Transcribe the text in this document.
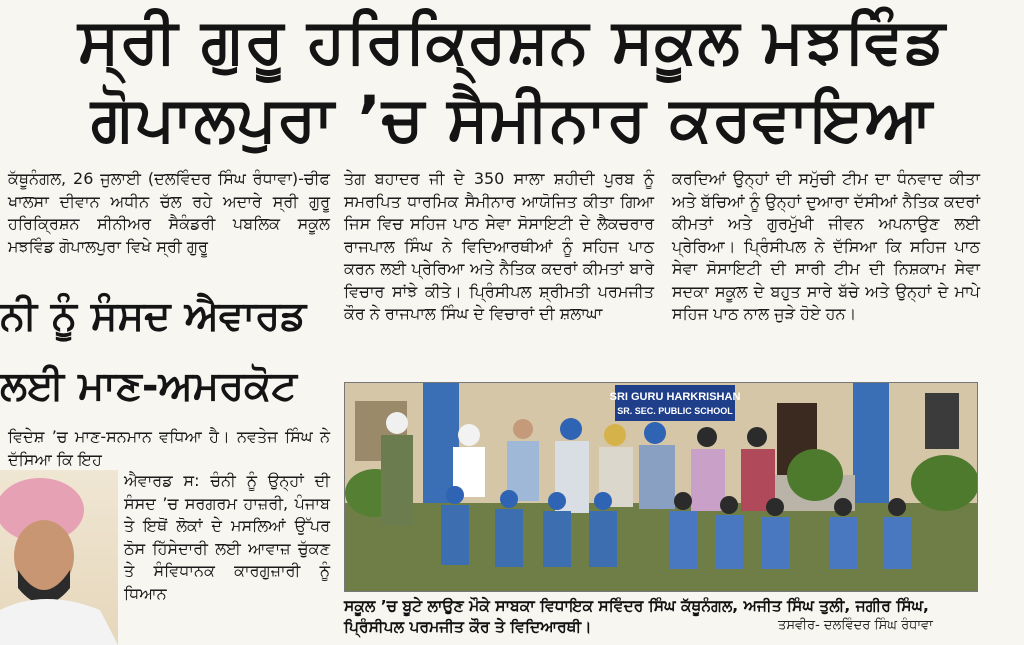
ਸ੍ਰੀ ਗੁਰੂ ਹਰਿਕ੍ਰਿਸ਼ਨ ਸਕੂਲ ਮਝਵਿੰਡ
ਗੋਪਾਲਪੁਰਾ ’ਚ ਸੈਮੀਨਾਰ ਕਰਵਾਇਆ

ਕੱਥੂਨੰਗਲ, 26 ਜੁਲਾਈ (ਦਲਵਿੰਦਰ ਸਿੰਘ ਰੰਧਾਵਾ)-ਚੀਫ ਖਾਲਸਾ ਦੀਵਾਨ ਅਧੀਨ ਚੱਲ ਰਹੇ ਅਦਾਰੇ ਸ੍ਰੀ ਗੁਰੂ ਹਰਿਕ੍ਰਿਸ਼ਨ ਸੀਨੀਅਰ ਸੈਕੰਡਰੀ ਪਬਲਿਕ ਸਕੂਲ ਮਝਵਿੰਡ ਗੋਪਾਲਪੁਰਾ ਵਿਖੇ ਸ੍ਰੀ ਗੁਰੂ

ਤੇਗ ਬਹਾਦਰ ਜੀ ਦੇ 350 ਸਾਲਾ ਸ਼ਹੀਦੀ ਪੁਰਬ ਨੂੰ ਸਮਰਪਿਤ ਧਾਰਮਿਕ ਸੈਮੀਨਾਰ ਆਯੋਜਿਤ ਕੀਤਾ ਗਿਆ ਜਿਸ ਵਿਚ ਸਹਿਜ ਪਾਠ ਸੇਵਾ ਸੋਸਾਇਟੀ ਦੇ ਲੈਕਚਰਾਰ ਰਾਜਪਾਲ ਸਿੰਘ ਨੇ ਵਿਦਿਆਰਥੀਆਂ ਨੂੰ ਸਹਿਜ ਪਾਠ ਕਰਨ ਲਈ ਪ੍ਰੇਰਿਆ ਅਤੇ ਨੈਤਿਕ ਕਦਰਾਂ ਕੀਮਤਾਂ ਬਾਰੇ ਵਿਚਾਰ ਸਾਂਝੇ ਕੀਤੇ। ਪ੍ਰਿੰਸੀਪਲ ਸ਼੍ਰੀਮਤੀ ਪਰਮਜੀਤ ਕੌਰ ਨੇ ਰਾਜਪਾਲ ਸਿੰਘ ਦੇ ਵਿਚਾਰਾਂ ਦੀ ਸ਼ਲਾਘਾ

ਕਰਦਿਆਂ ਉਨ੍ਹਾਂ ਦੀ ਸਮੁੱਚੀ ਟੀਮ ਦਾ ਧੰਨਵਾਦ ਕੀਤਾ ਅਤੇ ਬੱਚਿਆਂ ਨੂੰ ਉਨ੍ਹਾਂ ਦੁਆਰਾ ਦੱਸੀਆਂ ਨੈਤਿਕ ਕਦਰਾਂ ਕੀਮਤਾਂ ਅਤੇ ਗੁਰਮੁੱਖੀ ਜੀਵਨ ਅਪਨਾਉਣ ਲਈ ਪ੍ਰੇਰਿਆ। ਪ੍ਰਿੰਸੀਪਲ ਨੇ ਦੱਸਿਆ ਕਿ ਸਹਿਜ ਪਾਠ ਸੇਵਾ ਸੋਸਾਇਟੀ ਦੀ ਸਾਰੀ ਟੀਮ ਦੀ ਨਿਸ਼ਕਾਮ ਸੇਵਾ ਸਦਕਾ ਸਕੂਲ ਦੇ ਬਹੁਤ ਸਾਰੇ ਬੱਚੇ ਅਤੇ ਉਨ੍ਹਾਂ ਦੇ ਮਾਪੇ ਸਹਿਜ ਪਾਠ ਨਾਲ ਜੁੜੇ ਹੋਏ ਹਨ।

ਨੀ ਨੂੰ ਸੰਸਦ ਐਵਾਰਡ
ਲਈ ਮਾਣ-ਅਮਰਕੋਟ

ਵਿਦੇਸ਼ ’ਚ ਮਾਣ-ਸਨਮਾਨ ਵਧਿਆ ਹੈ। ਨਵਤੇਜ ਸਿੰਘ ਨੇ ਦੱਸਿਆ ਕਿ ਇਹ

ਐਵਾਰਡ ਸ: ਚੰਨੀ ਨੂੰ ਉਨ੍ਹਾਂ ਦੀ ਸੰਸਦ ’ਚ ਸਰਗਰਮ ਹਾਜ਼ਰੀ, ਪੰਜਾਬ ਤੇ ਇਥੋਂ ਲੋਕਾਂ ਦੇ ਮਸਲਿਆਂ ਉੱਪਰ ਠੋਸ ਹਿੱਸੇਦਾਰੀ ਲਈ ਆਵਾਜ਼ ਚੁੱਕਣ ਤੇ ਸੰਵਿਧਾਨਕ ਕਾਰਗੁਜ਼ਾਰੀ ਨੂੰ ਧਿਆਨ

SRI GURU HARKRISHAN
SR. SEC. PUBLIC SCHOOL
ਸਕੂਲ ’ਚ ਬੂਟੇ ਲਾਉਣ ਮੌਕੇ ਸਾਬਕਾ ਵਿਧਾਇਕ ਸਵਿੰਦਰ ਸਿੰਘ ਕੱਥੂਨੰਗਲ, ਅਜੀਤ ਸਿੰਘ ਤੁਲੀ, ਜਗੀਰ ਸਿੰਘ, ਪ੍ਰਿੰਸੀਪਲ ਪਰਮਜੀਤ ਕੌਰ ਤੇ ਵਿਦਿਆਰਥੀ।	ਤਸਵੀਰ- ਦਲਵਿੰਦਰ ਸਿੰਘ ਰੰਧਾਵਾ
